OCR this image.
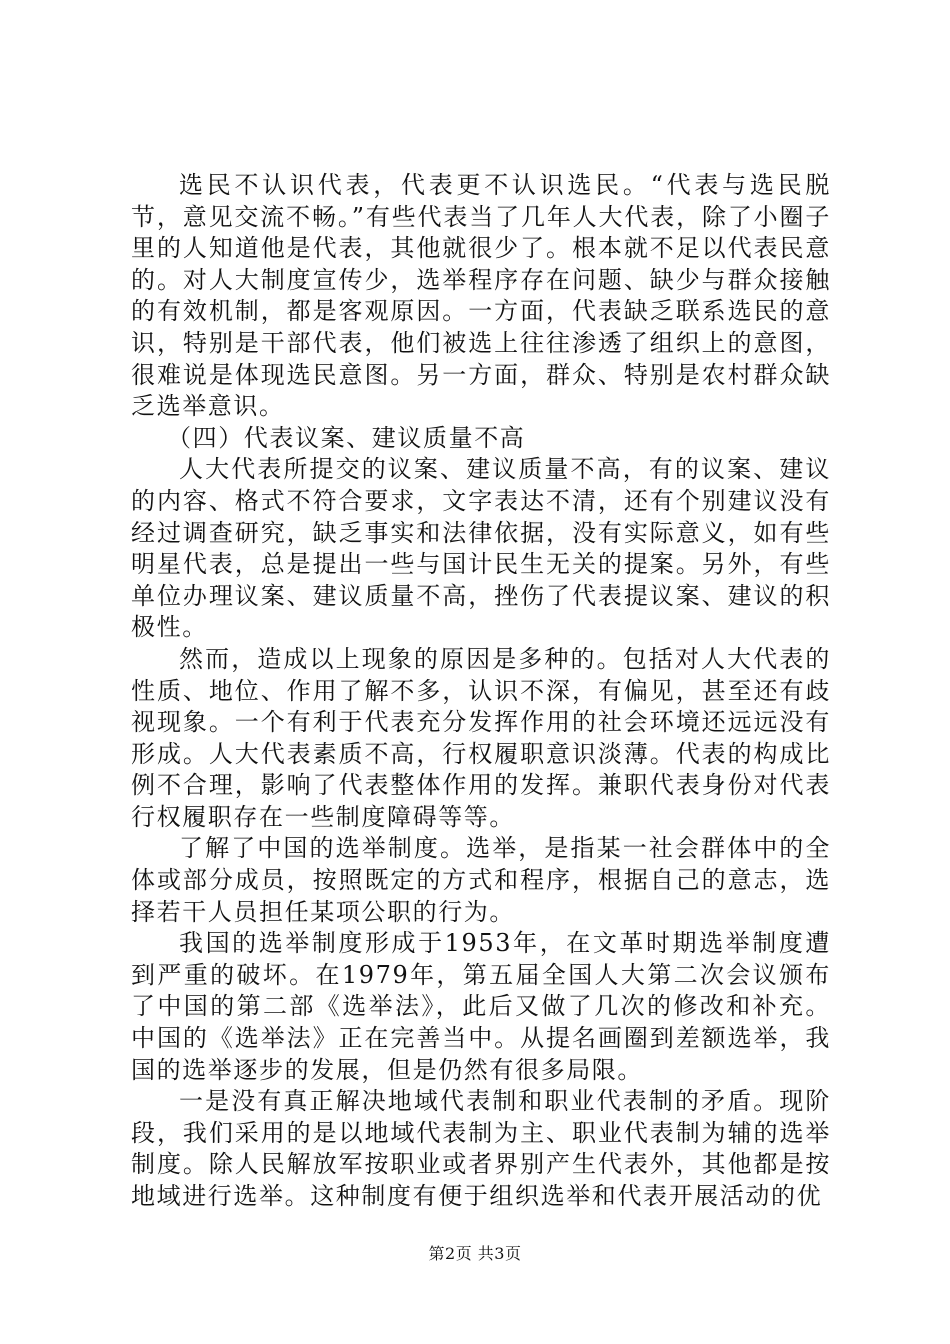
选民不认识代表，代表更不认识选民。“代表与选民脱节，意见交流不畅。”有些代表当了几年人大代表，除了小圈子里的人知道他是代表，其他就很少了。根本就不足以代表民意的。对人大制度宣传少，选举程序存在问题、缺少与群众接触的有效机制，都是客观原因。一方面，代表缺乏联系选民的意识，特别是干部代表，他们被选上往往渗透了组织上的意图，很难说是体现选民意图。另一方面，群众、特别是农村群众缺乏选举意识。

（四）代表议案、建议质量不高

人大代表所提交的议案、建议质量不高，有的议案、建议的内容、格式不符合要求，文字表达不清，还有个别建议没有经过调查研究，缺乏事实和法律依据，没有实际意义，如有些明星代表，总是提出一些与国计民生无关的提案。另外，有些单位办理议案、建议质量不高，挫伤了代表提议案、建议的积极性。

然而，造成以上现象的原因是多种的。包括对人大代表的性质、地位、作用了解不多，认识不深，有偏见，甚至还有歧视现象。一个有利于代表充分发挥作用的社会环境还远远没有形成。人大代表素质不高，行权履职意识淡薄。代表的构成比例不合理，影响了代表整体作用的发挥。兼职代表身份对代表行权履职存在一些制度障碍等等。

了解了中国的选举制度。选举，是指某一社会群体中的全体或部分成员，按照既定的方式和程序，根据自己的意志，选择若干人员担任某项公职的行为。

我国的选举制度形成于1953年，在文革时期选举制度遭到严重的破坏。在1979年，第五届全国人大第二次会议颁布了中国的第二部《选举法》，此后又做了几次的修改和补充。中国的《选举法》正在完善当中。从提名画圈到差额选举，我国的选举逐步的发展，但是仍然有很多局限。

一是没有真正解决地域代表制和职业代表制的矛盾。现阶段，我们采用的是以地域代表制为主、职业代表制为辅的选举制度。除人民解放军按职业或者界别产生代表外，其他都是按地域进行选举。这种制度有便于组织选举和代表开展活动的优

第2页 共3页
